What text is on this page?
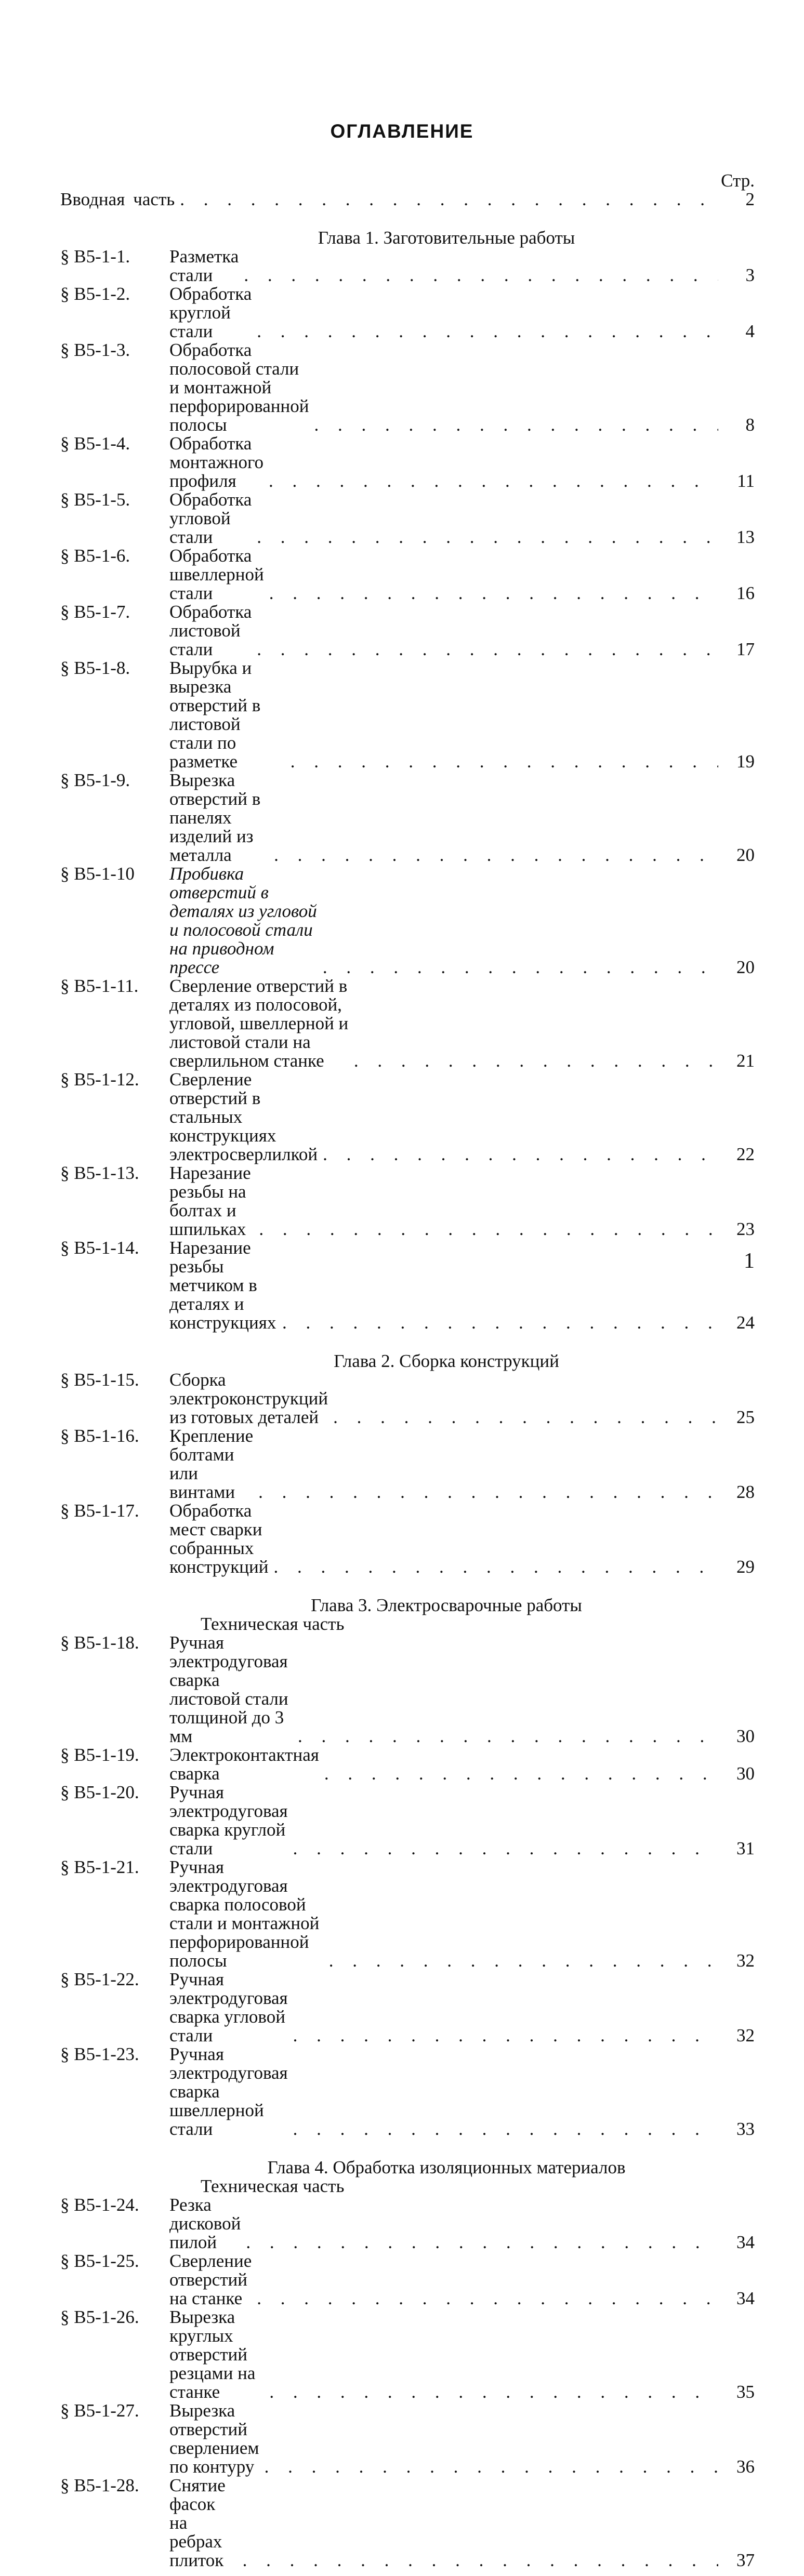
ОГЛАВЛЕНИЕ
Стр.
Вводная часть . . .	2
Глава 1. Заготовительные работы
§ В5-1-1.	Разметка стали . . .	3
§ В5-1-2.	Обработка круглой стали . . .	4
§ В5-1-3.	Обработка полосовой стали и монтажной перфорированной полосы . . .	8
§ В5-1-4.	Обработка монтажного профиля . . .	11
§ В5-1-5.	Обработка угловой стали . . .	13
§ В5-1-6.	Обработка швеллерной стали . . .	16
§ В5-1-7.	Обработка листовой стали . . .	17
§ В5-1-8.	Вырубка и вырезка отверстий в листовой стали по разметке . . .	19
§ В5-1-9.	Вырезка отверстий в панелях изделий из металла . . .	20
§ В5-1-10	Пробивка отверстий в деталях из угловой и полосовой стали на приводном прессе . . .	20
§ В5-1-11.	Сверление отверстий в деталях из полосовой, угловой, швеллерной и листовой стали на сверлильном станке . . .	21
§ В5-1-12.	Сверление отверстий в стальных конструкциях электросверлилкой . . .	22
§ В5-1-13.	Нарезание резьбы на болтах и шпильках . . .	23
§ В5-1-14.	Нарезание резьбы метчиком в деталях и конструкциях . . .	24
Глава 2. Сборка конструкций
§ В5-1-15.	Сборка электроконструкций из готовых деталей . . .	25
§ В5-1-16.	Крепление болтами или винтами . . .	28
§ В5-1-17.	Обработка мест сварки собранных конструкций . . .	29
Глава 3. Электросварочные работы
Техническая часть
§ В5-1-18.	Ручная электродуговая сварка листовой стали толщиной до 3 мм . . .	30
§ В5-1-19.	Электроконтактная сварка . . .	30
§ В5-1-20.	Ручная электродуговая сварка круглой стали . . .	31
§ В5-1-21.	Ручная электродуговая сварка полосовой стали и монтажной перфорированной полосы . . .	32
§ В5-1-22.	Ручная электродуговая сварка угловой стали . . .	32
§ В5-1-23.	Ручная электродуговая сварка швеллерной стали . . .	33
Глава 4. Обработка изоляционных материалов
Техническая часть
§ В5-1-24.	Резка дисковой пилой . . .	34
§ В5-1-25.	Сверление отверстий на станке . . .	34
§ В5-1-26.	Вырезка круглых отверстий резцами на станке . . .	35
§ В5-1-27.	Вырезка отверстий сверлением по контуру . . .	36
§ В5-1-28.	Снятие фасок на ребрах плиток . . .	37
1
